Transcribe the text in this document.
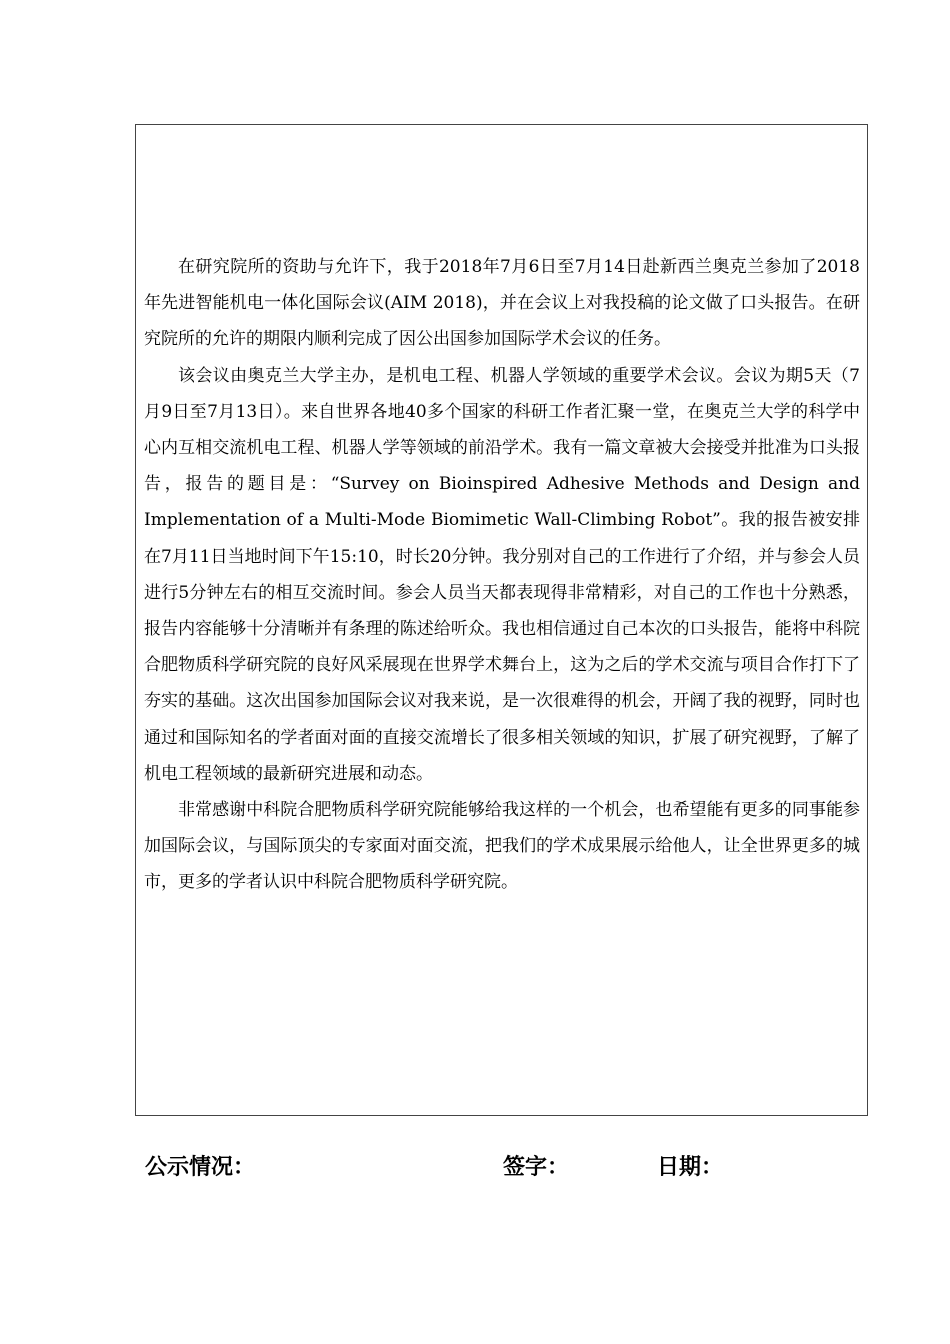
在研究院所的资助与允许下，我于2018年7月6日至7月14日赴新西兰奥克兰参加了2018年先进智能机电一体化国际会议(AIM 2018)，并在会议上对我投稿的论文做了口头报告。在研究院所的允许的期限内顺利完成了因公出国参加国际学术会议的任务。

该会议由奥克兰大学主办，是机电工程、机器人学领域的重要学术会议。会议为期5天（7月9日至7月13日）。来自世界各地40多个国家的科研工作者汇聚一堂，在奥克兰大学的科学中心内互相交流机电工程、机器人学等领域的前沿学术。我有一篇文章被大会接受并批准为口头报告，报告的题目是：“Survey on Bioinspired Adhesive Methods and Design and Implementation of a Multi-Mode Biomimetic Wall-Climbing Robot”。我的报告被安排在7月11日当地时间下午15:10，时长20分钟。我分别对自己的工作进行了介绍，并与参会人员进行5分钟左右的相互交流时间。参会人员当天都表现得非常精彩，对自己的工作也十分熟悉，报告内容能够十分清晰并有条理的陈述给听众。我也相信通过自己本次的口头报告，能将中科院合肥物质科学研究院的良好风采展现在世界学术舞台上，这为之后的学术交流与项目合作打下了夯实的基础。这次出国参加国际会议对我来说，是一次很难得的机会，开阔了我的视野，同时也通过和国际知名的学者面对面的直接交流增长了很多相关领域的知识，扩展了研究视野，了解了机电工程领域的最新研究进展和动态。

非常感谢中科院合肥物质科学研究院能够给我这样的一个机会，也希望能有更多的同事能参加国际会议，与国际顶尖的专家面对面交流，把我们的学术成果展示给他人，让全世界更多的城市，更多的学者认识中科院合肥物质科学研究院。

公示情况：	签字：	日期：
